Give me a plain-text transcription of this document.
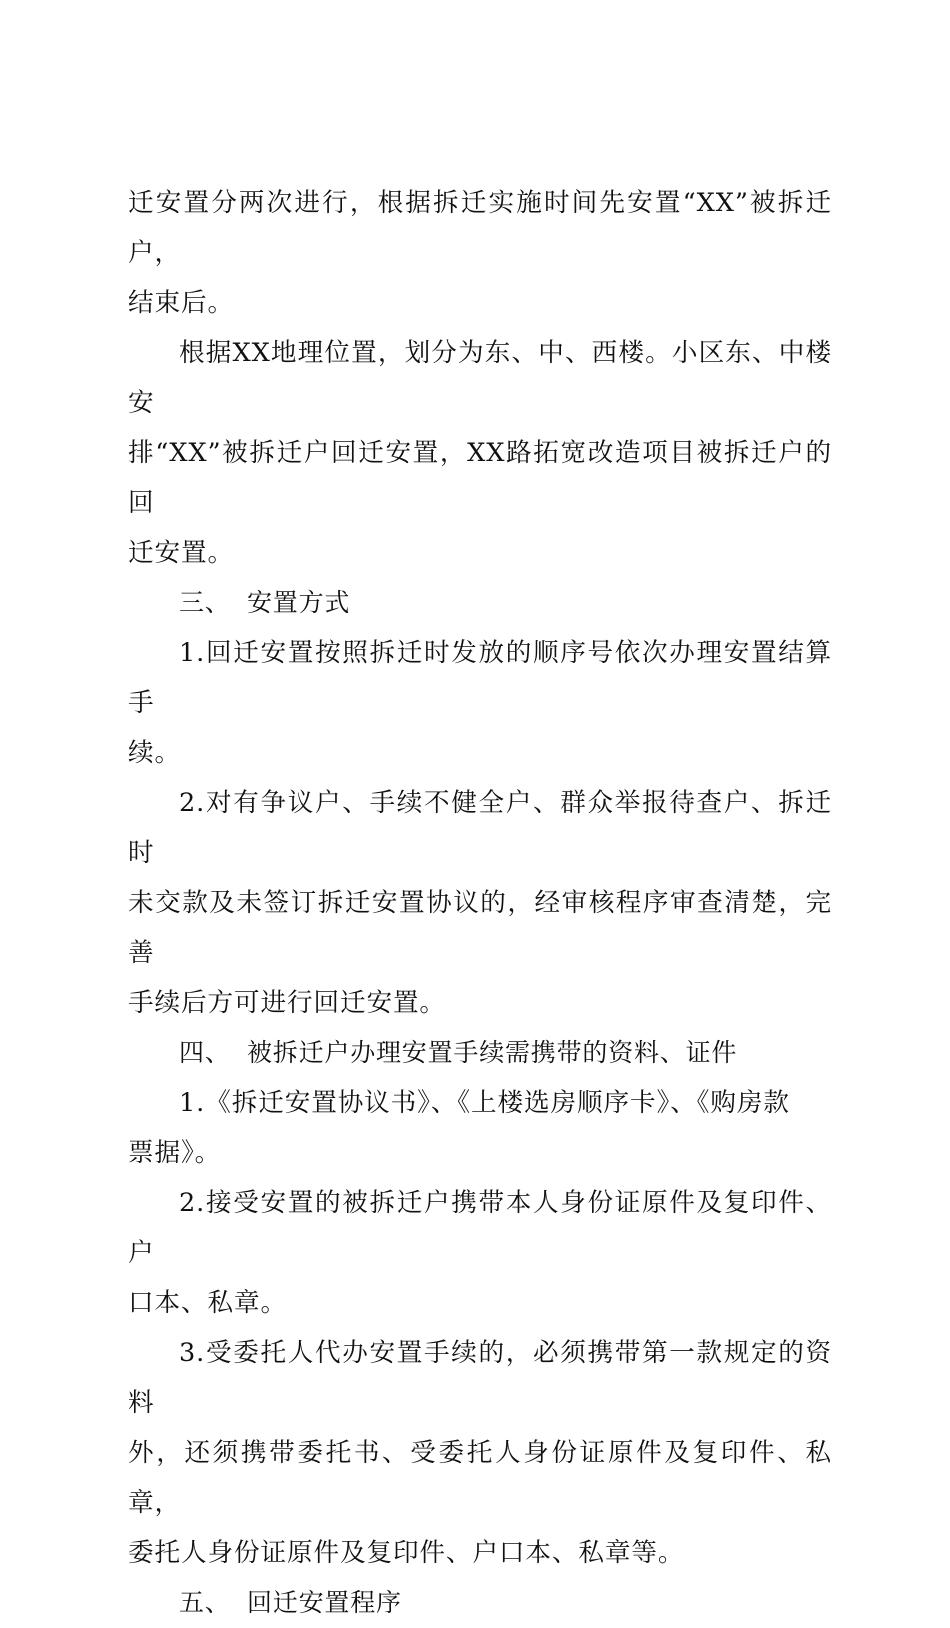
迁安置分两次进行，根据拆迁实施时间先安置“XX”被拆迁户，
结束后。

根据XX地理位置，划分为东、中、西楼。小区东、中楼安
排“XX”被拆迁户回迁安置，XX路拓宽改造项目被拆迁户的回
迁安置。

三、 安置方式

1.回迁安置按照拆迁时发放的顺序号依次办理安置结算手
续。

2.对有争议户、手续不健全户、群众举报待查户、拆迁时
未交款及未签订拆迁安置协议的，经审核程序审查清楚，完善
手续后方可进行回迁安置。

四、 被拆迁户办理安置手续需携带的资料、证件

1.《拆迁安置协议书》、《上楼选房顺序卡》、《购房款
票据》。

2.接受安置的被拆迁户携带本人身份证原件及复印件、户
口本、私章。

3.受委托人代办安置手续的，必须携带第一款规定的资料
外，还须携带委托书、受委托人身份证原件及复印件、私章，
委托人身份证原件及复印件、户口本、私章等。

五、 回迁安置程序
